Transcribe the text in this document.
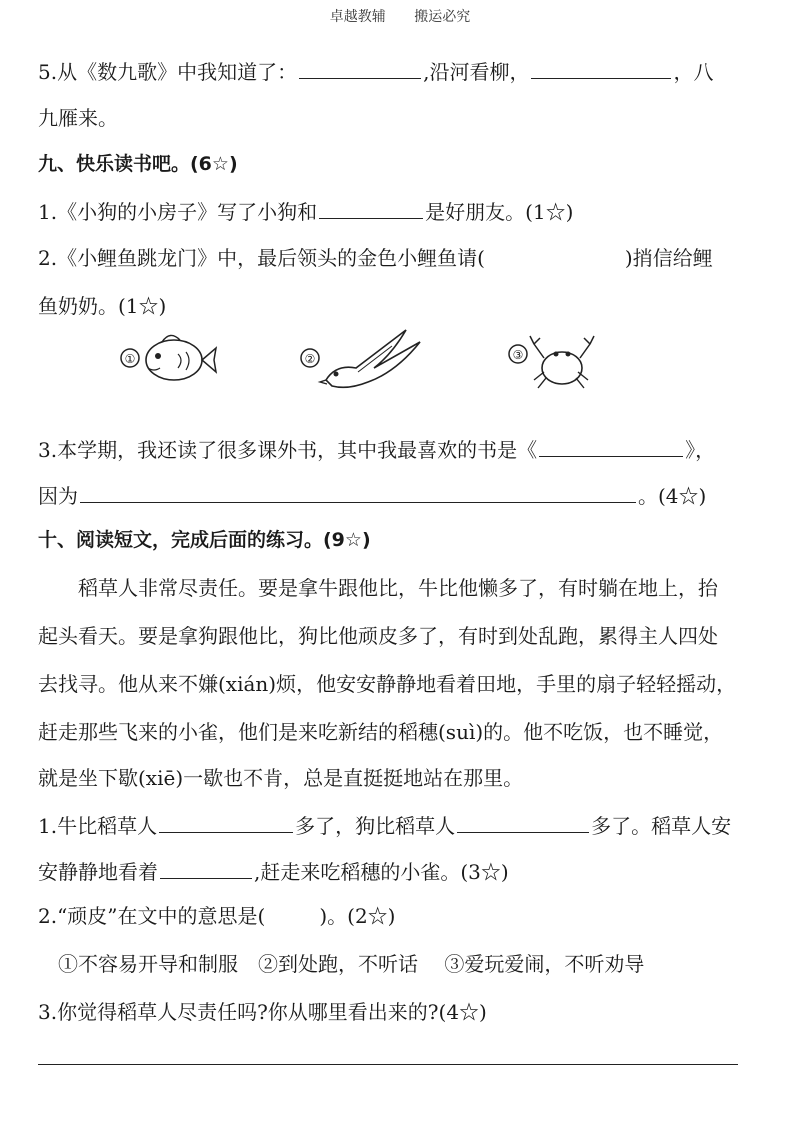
卓越教辅 搬运必究
5.从《数九歌》中我知道了：	,沿河看柳，	，八
九雁来。
九、快乐读书吧。(6☆)
1.《小狗的小房子》写了小狗和	是好朋友。(1☆)
2.《小鲤鱼跳龙门》中，最后领头的金色小鲤鱼请(	)捎信给鲤
鱼奶奶。(1☆)
①	②	③
3.本学期，我还读了很多课外书，其中我最喜欢的书是《	》，
因为	。(4☆)
十、阅读短文，完成后面的练习。(9☆)
稻草人非常尽责任。要是拿牛跟他比，牛比他懒多了，有时躺在地上，抬
起头看天。要是拿狗跟他比，狗比他顽皮多了，有时到处乱跑，累得主人四处
去找寻。他从来不嫌(xián)烦，他安安静静地看着田地，手里的扇子轻轻摇动，
赶走那些飞来的小雀，他们是来吃新结的稻穗(suì)的。他不吃饭，也不睡觉，
就是坐下歇(xiē)一歇也不肯，总是直挺挺地站在那里。
1.牛比稻草人	多了，狗比稻草人	多了。稻草人安
安静静地看着	,赶走来吃稻穗的小雀。(3☆)
2.“顽皮”在文中的意思是(	)。(2☆)
①不容易开导和制服　②到处跑，不听话　 ③爱玩爱闹，不听劝导
3.你觉得稻草人尽责任吗?你从哪里看出来的?(4☆)
